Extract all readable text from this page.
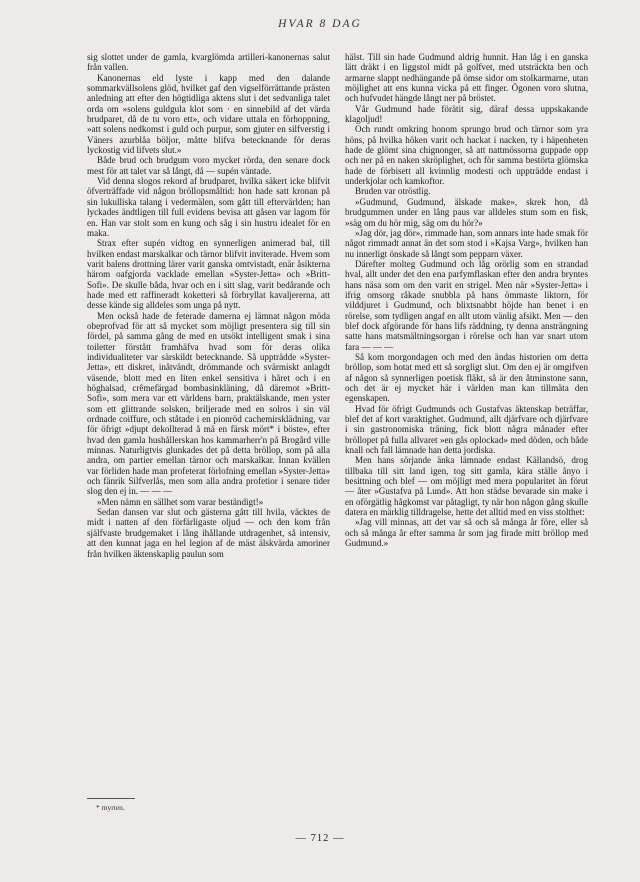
HVAR 8 DAG

sig slottet under de gamla, kvarglömda artilleri-kanonernas salut från vallen.

Kanonernas eld lyste i kapp med den dalande sommarkvällsolens glöd, hvilket gaf den vigselförrättande prästen anledning att efter den högtidliga aktens slut i det sedvanliga talet orda om »solens guldgula klot som · en sinnebild af det värda brudparet, då de tu voro ett», och vidare uttala en förhoppning, »att solens nedkomst i guld och purpur, som gjuter en silfverstig i Väners azurblåa böljor, måtte blifva betecknande för deras lyckostig vid lifvets slut.»

Både brud och brudgum voro mycket rörda, den senare dock mest för att talet var så långt, då — supén väntade.

Vid denna slogos rekord af brudparet, hvilka säkert icke blifvit öfverträffade vid någon bröllopsmåltid: hon hade satt kronan på sin lukulliska talang i vedermälen, som gått till eftervärlden; han lyckades ändtligen till full evidens bevisa att gåsen var lagom för en. Han var stolt som en kung och såg i sin hustru idealet för en maka.

Strax efter supén vidtog en synnerligen animerad bal, till hvilken endast marskalkar och tärnor blifvit inviterade. Hvem som varit balens drottning lärer varit ganska omtvistadt, enär åsikterna härom oafgjorda vacklade emellan »Syster-Jetta» och »Britt-Sofi». De skulle båda, hvar och en i sitt slag, varit bedårande och hade med ett raffineradt koketteri så förbryllat kavaljererna, att desse kände sig alldeles som unga på nytt.

Men också hade de feterade damerna ej lämnat någon möda obeprofvad för att så mycket som möjligt presentera sig till sin fördel, på samma gång de med en utsökt intelligent smak i sina toiletter förstått framhäfva hvad som för deras olika individualiteter var särskildt betecknande. Så uppträdde »Syster-Jetta», ett diskret, inåtvändt, drömmande och svärmiskt anlagdt väsende, blott med en liten enkel sensitiva i håret och i en höghalsad, crêmefärgad bombasinkläning, då däremot »Britt-Sofi», som mera var ett världens barn, praktälskande, men yster som ett glittrande solsken, briljerade med en solros i sin väl ordnade coiffure, och ståtade i en pionröd cachemirsklädning, var för öfrigt »djupt dekollterad å mä en färsk mört* i böste», efter hvad den gamla hushållerskan hos kammarherr'n på Brogård ville minnas. Naturligtvis glunkades det på detta bröllop, som på alla andra, om partier emellan tärnor och marskalkar. Innan kvällen var förliden hade man profeterat förlofning emellan »Syster-Jetta» och fänrik Silfverlås, men som alla andra profetior i senare tider slog den ej in. — — —

»Men nämn en sällhet som varar beständigt!»

Sedan dansen var slut och gästerna gått till hvila, väcktes de midt i natten af den förfärligaste oljud — och den kom från själfvaste brudgemaket i lång ihållande utdragenhet, så intensiv, att den kunnat jaga en hel legion af de mäst älskvärda amoriner från hvilken äktenskaplig paulun som

hälst. Till sin hade Gudmund aldrig hunnit. Han låg i en ganska lätt dräkt i en liggstol midt på golfvet, med utsträckta ben och armarne slappt nedhängande på ömse sidor om stolkarmarne, utan möjlighet att ens kunna vicka på ett finger. Ögonen voro slutna, och hufvudet hängde långt ner på bröstet.

Vår Gudmund hade förätit sig, däraf dessa uppskakande klagoljud!

Och rundt omkring honom sprungo brud och tärnor som yra höns, på hvilka höken varit och hackat i nacken, ty i häpenheten hade de glömt sina chignonger, så att nattmössorna guppade opp och ner på en naken skröplighet, och för samma bestörta glömska hade de förbisett all kvinnlig modesti och uppträdde endast i underkjolar och kamkoftor.

Bruden var otröstlig.

»Gudmund, Gudmund, älskade make», skrek hon, då brudgummen under en lång paus var alldeles stum som en fisk, »säg om du hör mig, säg om du hör?»

»Jag dör, jag dör», rimmade han, som annars inte hade smak för något rimmadt annat än det som stod i »Kajsa Varg», hvilken han nu innerligt önskade så långt som pepparn växer.

Därefter molteg Gudmund och låg orörlig som en strandad hval, allt under det den ena parfymflaskan efter den andra bryntes hans näsa som om den varit en strigel. Men när »Syster-Jetta» i ifrig omsorg råkade snubbla på hans ömmaste liktorn, för vilddjuret i Gudmund, och blixtsnabbt höjde han benet i en rörelse, som tydligen angaf en allt utom vänlig afsikt. Men — den blef dock afgörande för hans lifs räddning, ty denna ansträngning satte hans matsmältningsorgan i rörelse och han var snart utom fara — — —

Så kom morgondagen och med den ändas historien om detta bröllop, som hotat med ett så sorgligt slut. Om den ej är omgifven af någon så synnerligen poetisk fläkt, så är den åtminstone sann, och det är ej mycket här i världen man kan tillmäta den egenskapen.

Hvad för öfrigt Gudmunds och Gustafvas äktenskap beträffar, blef det af kort varaktighet. Gudmund, allt djärfvare och djärfvare i sin gastronomiska träning, fick blott några månader efter bröllopet på fulla allvaret »en gås oplockad» med döden, och både knall och fall lämnade han detta jordiska.

Men hans sörjande änka lämnade endast Källandsö, drog tillbaka till sitt land igen, tog sitt gamla, kära ställe ånyo i besittning och blef — om möjligt med mera popularitet än förut — åter »Gustafva på Lund». Att hon städse bevarade sin make i en oförgätlig hågkomst var påtagligt, ty när hon någon gång skulle datera en märklig tilldragelse, hette det alltid med en viss stolthet:

»Jag vill minnas, att det var så och så många år före, eller så och så många år efter samma år som jag firade mitt bröllop med Gudmund.»

* myrten.
— 712 —
